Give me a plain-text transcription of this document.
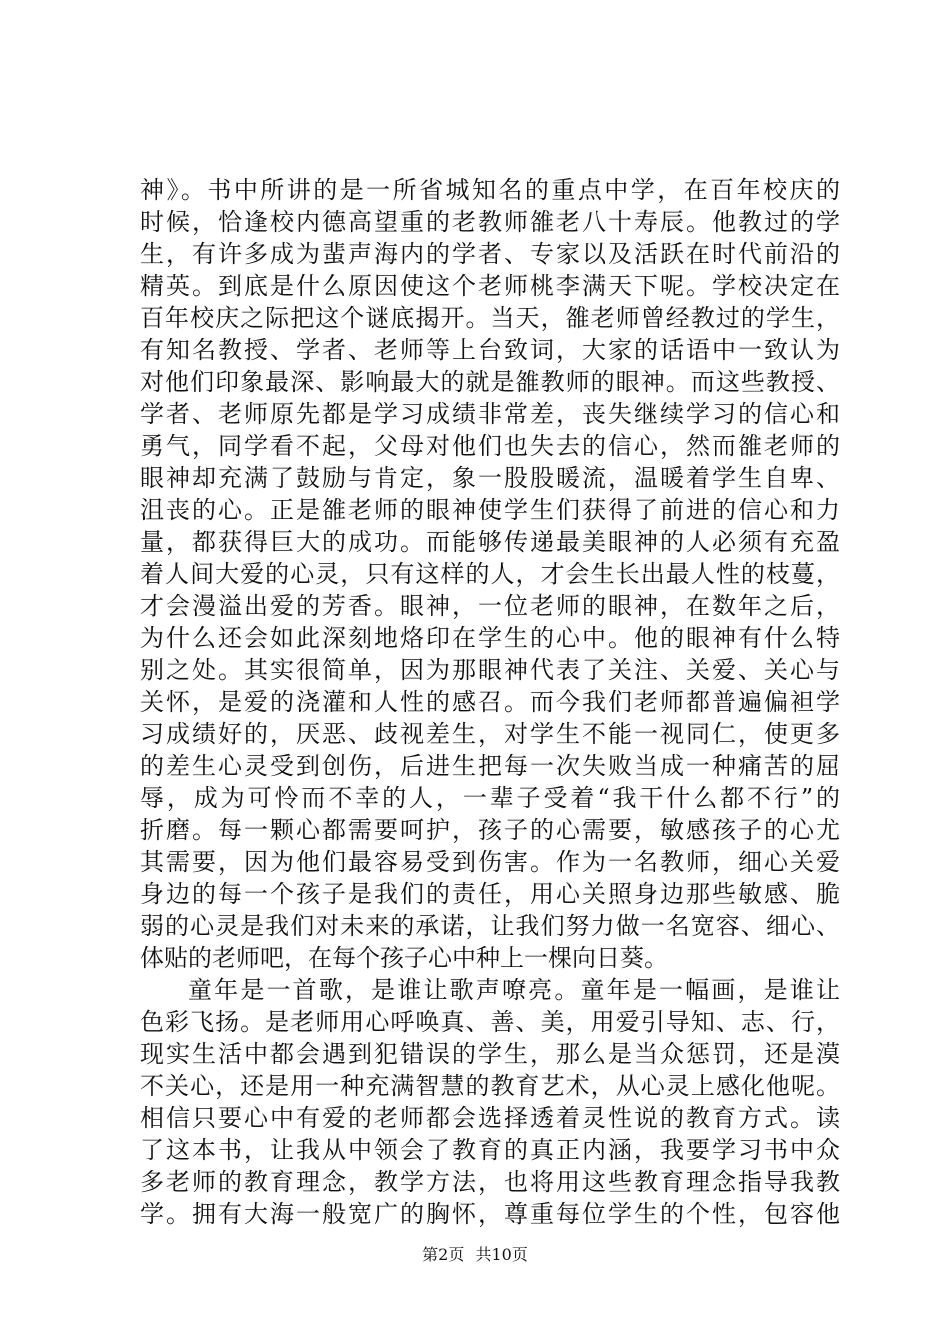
神》。书中所讲的是一所省城知名的重点中学，在百年校庆的
时候，恰逢校内德高望重的老教师雒老八十寿辰。他教过的学
生，有许多成为蜚声海内的学者、专家以及活跃在时代前沿的
精英。到底是什么原因使这个老师桃李满天下呢。学校决定在
百年校庆之际把这个谜底揭开。当天，雒老师曾经教过的学生，
有知名教授、学者、老师等上台致词，大家的话语中一致认为
对他们印象最深、影响最大的就是雒教师的眼神。而这些教授、
学者、老师原先都是学习成绩非常差，丧失继续学习的信心和
勇气，同学看不起，父母对他们也失去的信心，然而雒老师的
眼神却充满了鼓励与肯定，象一股股暖流，温暖着学生自卑、
沮丧的心。正是雒老师的眼神使学生们获得了前进的信心和力
量，都获得巨大的成功。而能够传递最美眼神的人必须有充盈
着人间大爱的心灵，只有这样的人，才会生长出最人性的枝蔓，
才会漫溢出爱的芳香。眼神，一位老师的眼神，在数年之后，
为什么还会如此深刻地烙印在学生的心中。他的眼神有什么特
别之处。其实很简单，因为那眼神代表了关注、关爱、关心与
关怀，是爱的浇灌和人性的感召。而今我们老师都普遍偏袒学
习成绩好的，厌恶、歧视差生，对学生不能一视同仁，使更多
的差生心灵受到创伤，后进生把每一次失败当成一种痛苦的屈
辱，成为可怜而不幸的人，一辈子受着“我干什么都不行”的
折磨。每一颗心都需要呵护，孩子的心需要，敏感孩子的心尤
其需要，因为他们最容易受到伤害。作为一名教师，细心关爱
身边的每一个孩子是我们的责任，用心关照身边那些敏感、脆
弱的心灵是我们对未来的承诺，让我们努力做一名宽容、细心、
体贴的老师吧，在每个孩子心中种上一棵向日葵。
童年是一首歌，是谁让歌声嘹亮。童年是一幅画，是谁让
色彩飞扬。是老师用心呼唤真、善、美，用爱引导知、志、行，
现实生活中都会遇到犯错误的学生，那么是当众惩罚，还是漠
不关心，还是用一种充满智慧的教育艺术，从心灵上感化他呢。
相信只要心中有爱的老师都会选择透着灵性说的教育方式。读
了这本书，让我从中领会了教育的真正内涵，我要学习书中众
多老师的教育理念，教学方法，也将用这些教育理念指导我教
学。拥有大海一般宽广的胸怀，尊重每位学生的个性，包容他
第2页 共10页
